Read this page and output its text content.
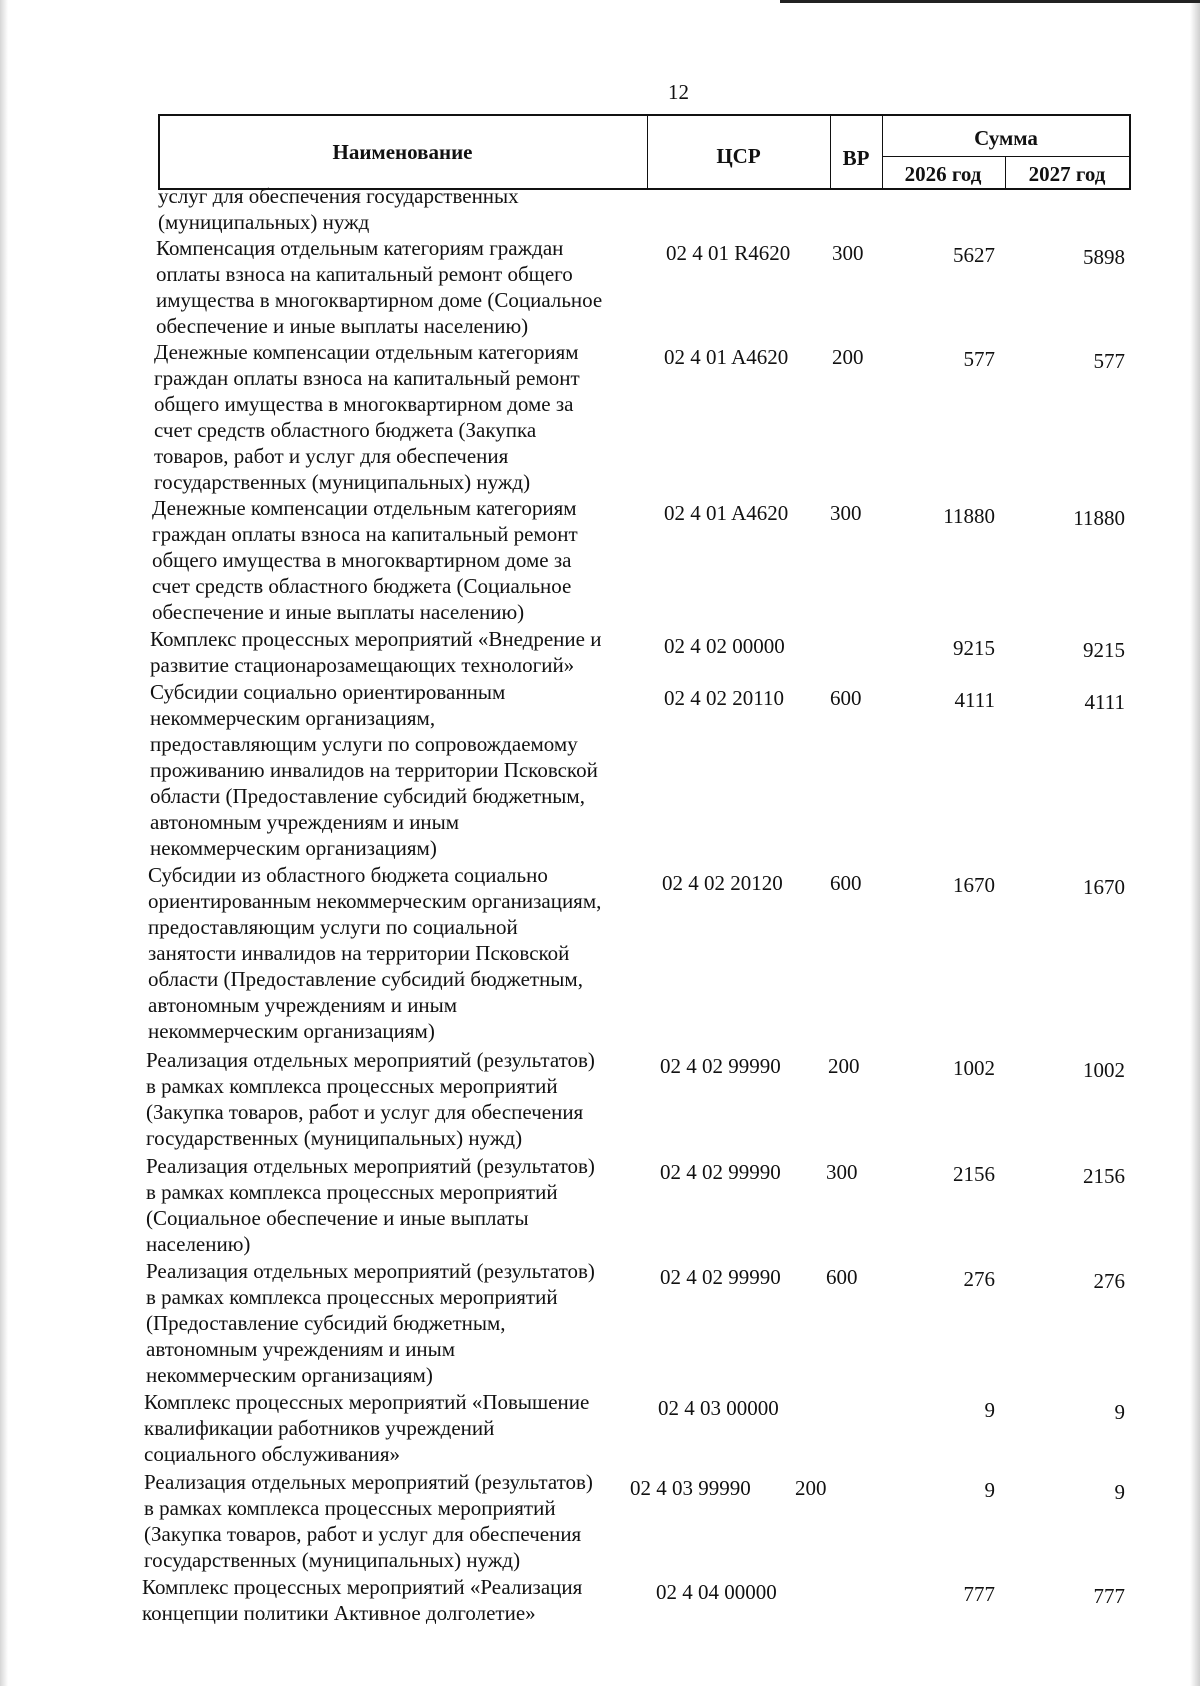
12
Наименование	ЦСР	ВР
Сумма
2026 год	2027 год
услуг для обеспечения государственных
(муниципальных) нужд
Компенсация отдельным категориям граждан
оплаты взноса на капитальный ремонт общего
имущества в многоквартирном доме (Социальное
обеспечение и иные выплаты населению)
02 4 01 R4620 300	5627	5898
Денежные компенсации отдельным категориям
граждан оплаты взноса на капитальный ремонт
общего имущества в многоквартирном доме за
счет средств областного бюджета (Закупка
товаров, работ и услуг для обеспечения
государственных (муниципальных) нужд)
02 4 01 A4620 200	577	577
Денежные компенсации отдельным категориям
граждан оплаты взноса на капитальный ремонт
общего имущества в многоквартирном доме за
счет средств областного бюджета (Социальное
обеспечение и иные выплаты населению)
02 4 01 A4620 300	11880	11880
Комплекс процессных мероприятий «Внедрение и
развитие стационарозамещающих технологий»
02 4 02 00000	9215	9215
Субсидии социально ориентированным
некоммерческим организациям,
предоставляющим услуги по сопровождаемому
проживанию инвалидов на территории Псковской
области (Предоставление субсидий бюджетным,
автономным учреждениям и иным
некоммерческим организациям)
02 4 02 20110 600	4111	4111
Субсидии из областного бюджета социально
ориентированным некоммерческим организациям,
предоставляющим услуги по социальной
занятости инвалидов на территории Псковской
области (Предоставление субсидий бюджетным,
автономным учреждениям и иным
некоммерческим организациям)
02 4 02 20120 600	1670	1670
Реализация отдельных мероприятий (результатов)
в рамках комплекса процессных мероприятий
(Закупка товаров, работ и услуг для обеспечения
государственных (муниципальных) нужд)
02 4 02 99990 200	1002	1002
Реализация отдельных мероприятий (результатов)
в рамках комплекса процессных мероприятий
(Социальное обеспечение и иные выплаты
населению)
02 4 02 99990 300	2156	2156
Реализация отдельных мероприятий (результатов)
в рамках комплекса процессных мероприятий
(Предоставление субсидий бюджетным,
автономным учреждениям и иным
некоммерческим организациям)
02 4 02 99990 600	276	276
Комплекс процессных мероприятий «Повышение
квалификации работников учреждений
социального обслуживания»
02 4 03 00000	9	9
Реализация отдельных мероприятий (результатов)
в рамках комплекса процессных мероприятий
(Закупка товаров, работ и услуг для обеспечения
государственных (муниципальных) нужд)
02 4 03 99990 200	9	9
Комплекс процессных мероприятий «Реализация
концепции политики Активное долголетие»
02 4 04 00000	777	777
